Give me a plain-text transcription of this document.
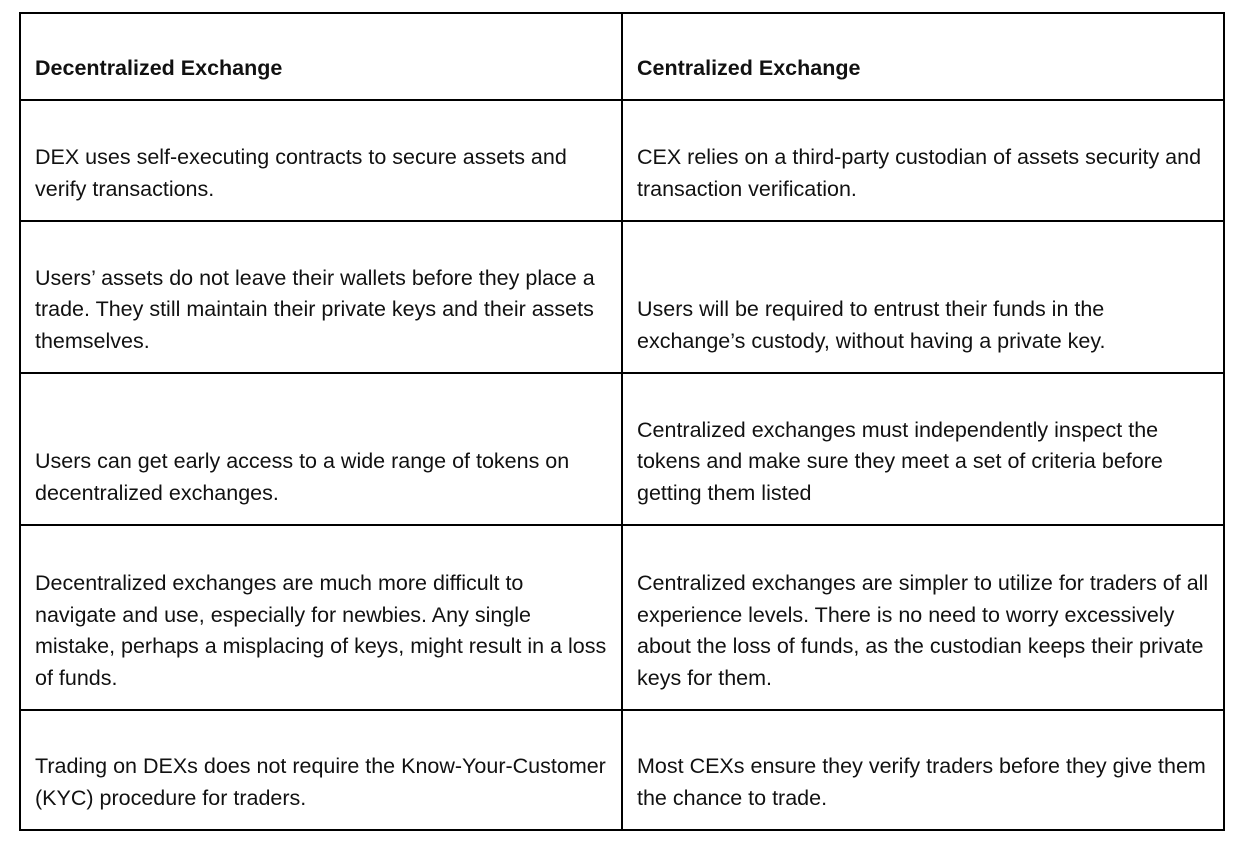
Decentralized Exchange	Centralized Exchange
DEX uses self-executing contracts to secure assets and verify transactions.	CEX relies on a third-party custodian of assets security and transaction verification.
Users’ assets do not leave their wallets before they place a trade. They still maintain their private keys and their assets themselves.	Users will be required to entrust their funds in the exchange’s custody, without having a private key.
Users can get early access to a wide range of tokens on decentralized exchanges.	Centralized exchanges must independently inspect the tokens and make sure they meet a set of criteria before getting them listed
Decentralized exchanges are much more difficult to navigate and use, especially for newbies. Any single mistake, perhaps a misplacing of keys, might result in a loss of funds.	Centralized exchanges are simpler to utilize for traders of all experience levels. There is no need to worry excessively about the loss of funds, as the custodian keeps their private keys for them.
Trading on DEXs does not require the Know-Your-Customer (KYC) procedure for traders.	Most CEXs ensure they verify traders before they give them the chance to trade.
